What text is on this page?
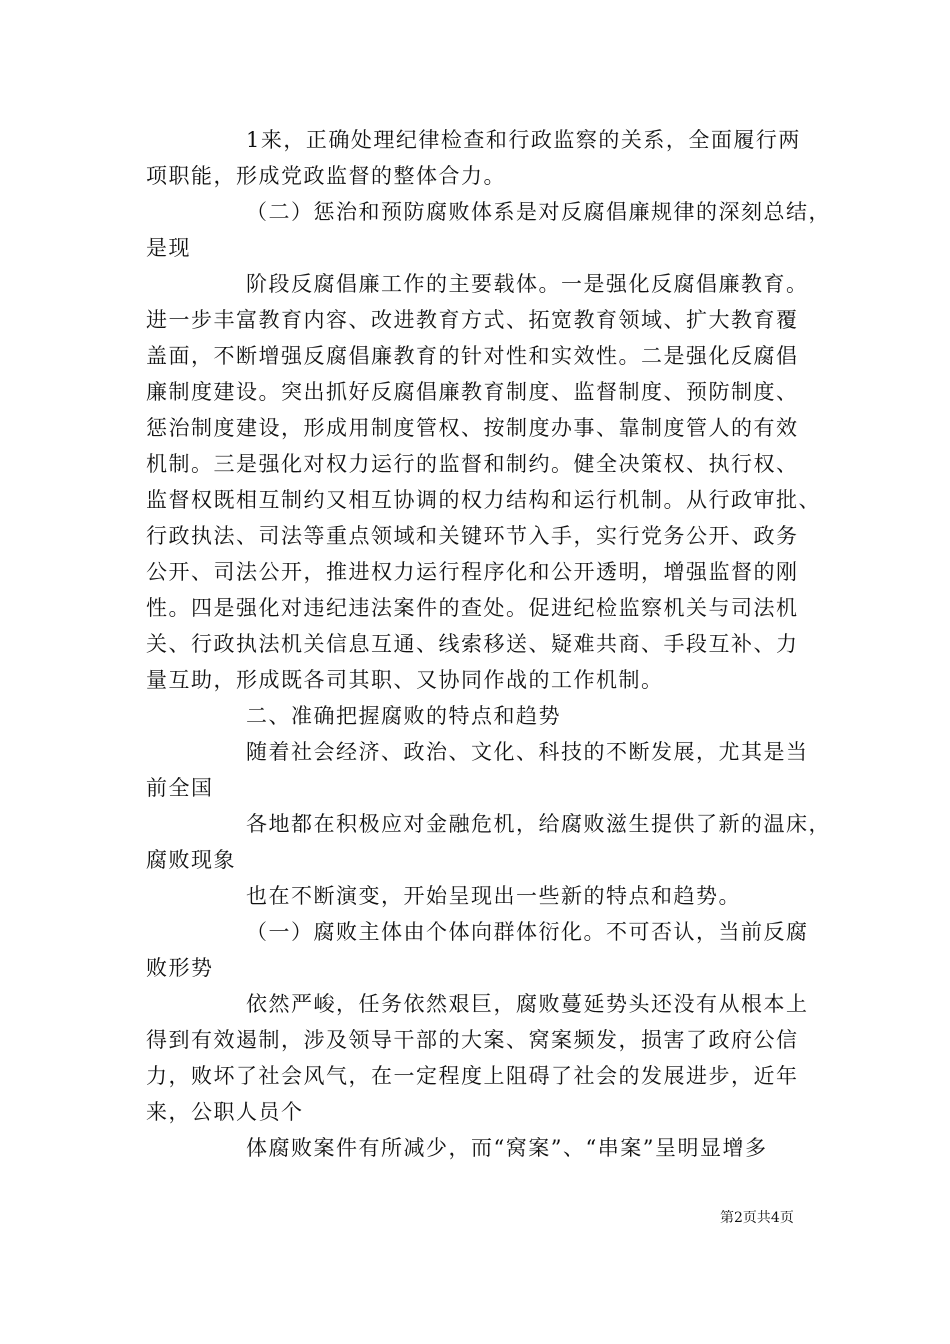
1来，正确处理纪律检查和行政监察的关系，全面履行两
项职能，形成党政监督的整体合力。
（二）惩治和预防腐败体系是对反腐倡廉规律的深刻总结，
是现
阶段反腐倡廉工作的主要载体。一是强化反腐倡廉教育。
进一步丰富教育内容、改进教育方式、拓宽教育领域、扩大教育覆
盖面，不断增强反腐倡廉教育的针对性和实效性。二是强化反腐倡
廉制度建设。突出抓好反腐倡廉教育制度、监督制度、预防制度、
惩治制度建设，形成用制度管权、按制度办事、靠制度管人的有效
机制。三是强化对权力运行的监督和制约。健全决策权、执行权、
监督权既相互制约又相互协调的权力结构和运行机制。从行政审批、
行政执法、司法等重点领域和关键环节入手，实行党务公开、政务
公开、司法公开，推进权力运行程序化和公开透明，增强监督的刚
性。四是强化对违纪违法案件的查处。促进纪检监察机关与司法机
关、行政执法机关信息互通、线索移送、疑难共商、手段互补、力
量互助，形成既各司其职、又协同作战的工作机制。
二、准确把握腐败的特点和趋势
随着社会经济、政治、文化、科技的不断发展，尤其是当
前全国
各地都在积极应对金融危机，给腐败滋生提供了新的温床，
腐败现象
也在不断演变，开始呈现出一些新的特点和趋势。
（一）腐败主体由个体向群体衍化。不可否认，当前反腐
败形势
依然严峻，任务依然艰巨，腐败蔓延势头还没有从根本上
得到有效遏制，涉及领导干部的大案、窝案频发，损害了政府公信
力，败坏了社会风气，在一定程度上阻碍了社会的发展进步，近年
来，公职人员个
体腐败案件有所减少，而“窝案”、“串案”呈明显增多
第2页共4页
